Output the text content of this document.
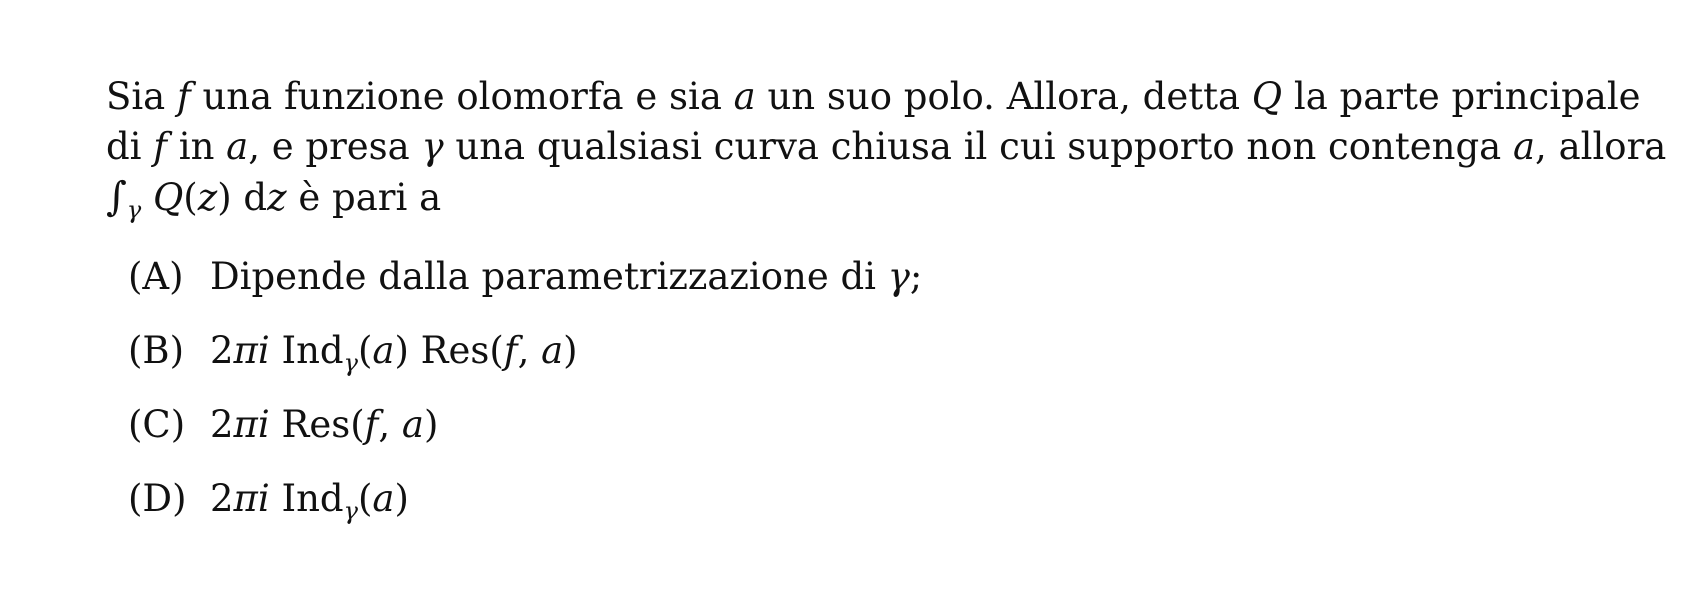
Sia f una funzione olomorfa e sia a un suo polo. Allora, detta Q la parte principale
di f in a, e presa γ una qualsiasi curva chiusa il cui supporto non contenga a, allora
$\int_\gamma$ Q(z) dz è pari a
(A) Dipende dalla parametrizzazione di γ;
(B) 2πi Ind$_\gamma$(a) Res(f, a)
(C) 2πi Res(f, a)
(D) 2πi Ind$_\gamma$(a)
